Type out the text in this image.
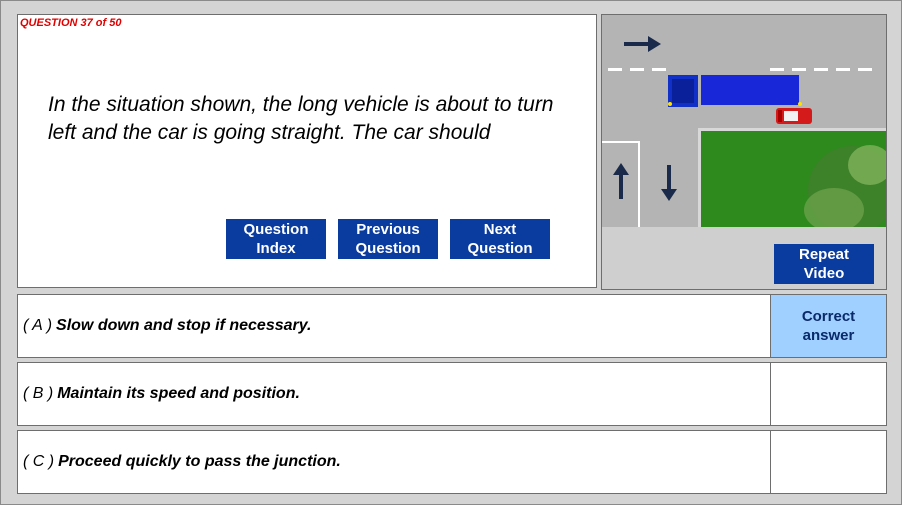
QUESTION 37 of 50
In the situation shown, the long vehicle is about to turn left and the car is going straight. The car should
Question
Index
Previous
Question
Next
Question	Repeat
Video
( A ) Slow down and stop if necessary.
Correct
answer
( B ) Maintain its speed and position.
( C ) Proceed quickly to pass the junction.
